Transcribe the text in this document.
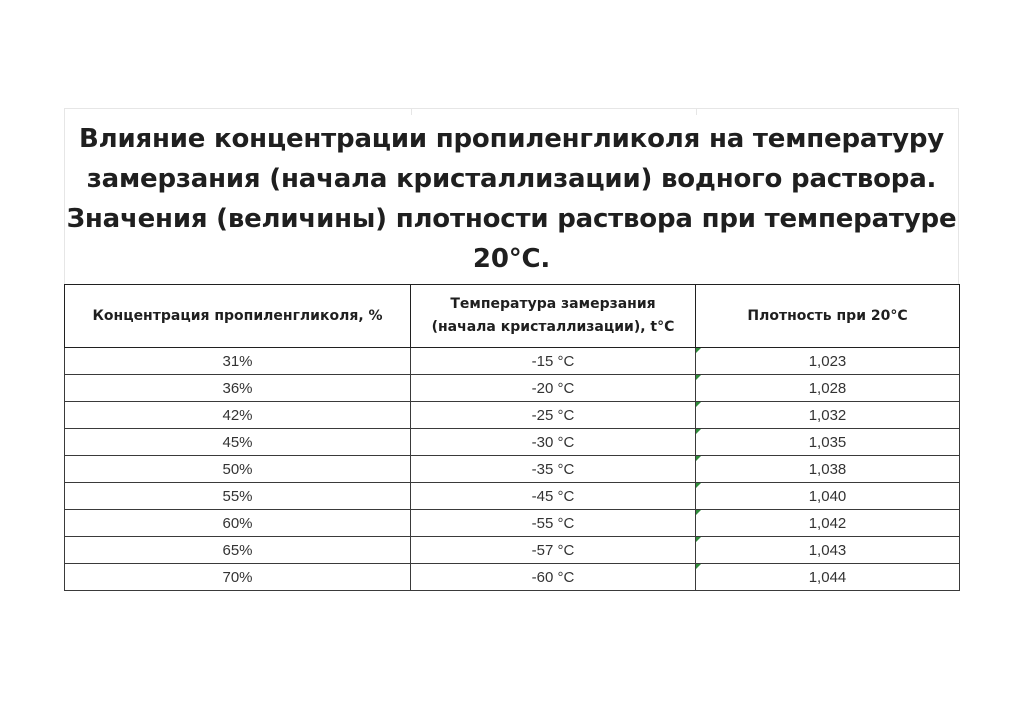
Влияние концентрации пропиленгликоля на температуру замерзания (начала кристаллизации) водного раствора. Значения (величины) плотности раствора при температуре 20°С.
Концентрация пропиленгликоля, %	Температура замерзания (начала кристаллизации), t°C	Плотность при 20°С
31%	-15 °C	1,023
36%	-20 °C	1,028
42%	-25 °C	1,032
45%	-30 °C	1,035
50%	-35 °C	1,038
55%	-45 °C	1,040
60%	-55 °C	1,042
65%	-57 °C	1,043
70%	-60 °C	1,044
